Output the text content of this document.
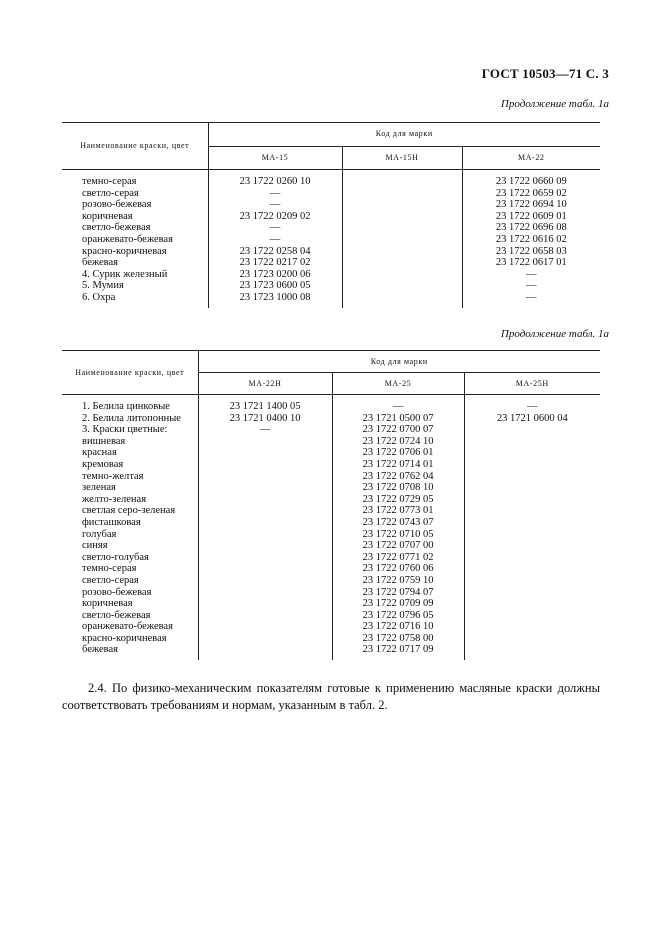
ГОСТ 10503—71 С. 3
Продолжение табл. 1а
Наименование краски, цвет	Код для марки		
	МА-15	МА-15Н	МА-22

темно-серая	23 1722 0260 10		23 1722 0660 09
светло-серая	—		23 1722 0659 02
розово-бежевая	—		23 1722 0694 10
коричневая	23 1722 0209 02		23 1722 0609 01
светло-бежевая	—		23 1722 0696 08
оранжевато-бежевая	—		23 1722 0616 02
красно-коричневая	23 1722 0258 04		23 1722 0658 03
бежевая	23 1722 0217 02		23 1722 0617 01
4. Сурик железный	23 1723 0200 06		—
5. Мумия	23 1723 0600 05		—
6. Охра	23 1723 1000 08		—

Продолжение табл. 1а
Наименование краски, цвет	Код для марки		
	МА-22Н	МА-25	МА-25Н

1. Белила цинковые	23 1721 1400 05	—	—
2. Белила литопонные	23 1721 0400 10	23 1721 0500 07	23 1721 0600 04
3. Краски цветные:	—	23 1722 0700 07	
вишневая		23 1722 0724 10	
красная		23 1722 0706 01	
кремовая		23 1722 0714 01	
темно-желтая		23 1722 0762 04	
зеленая		23 1722 0708 10	
желто-зеленая		23 1722 0729 05	
светлая серо-зеленая		23 1722 0773 01	
фисташковая		23 1722 0743 07	
голубая		23 1722 0710 05	
синяя		23 1722 0707 00	
светло-голубая		23 1722 0771 02	
темно-серая		23 1722 0760 06	
светло-серая		23 1722 0759 10	
розово-бежевая		23 1722 0794 07	
коричневая		23 1722 0709 09	
светло-бежевая		23 1722 0796 05	
оранжевато-бежевая		23 1722 0716 10	
красно-коричневая		23 1722 0758 00	
бежевая		23 1722 0717 09	

2.4. По физико-механическим показателям готовые к применению масляные краски должны соответствовать требованиям и нормам, указанным в табл. 2.
